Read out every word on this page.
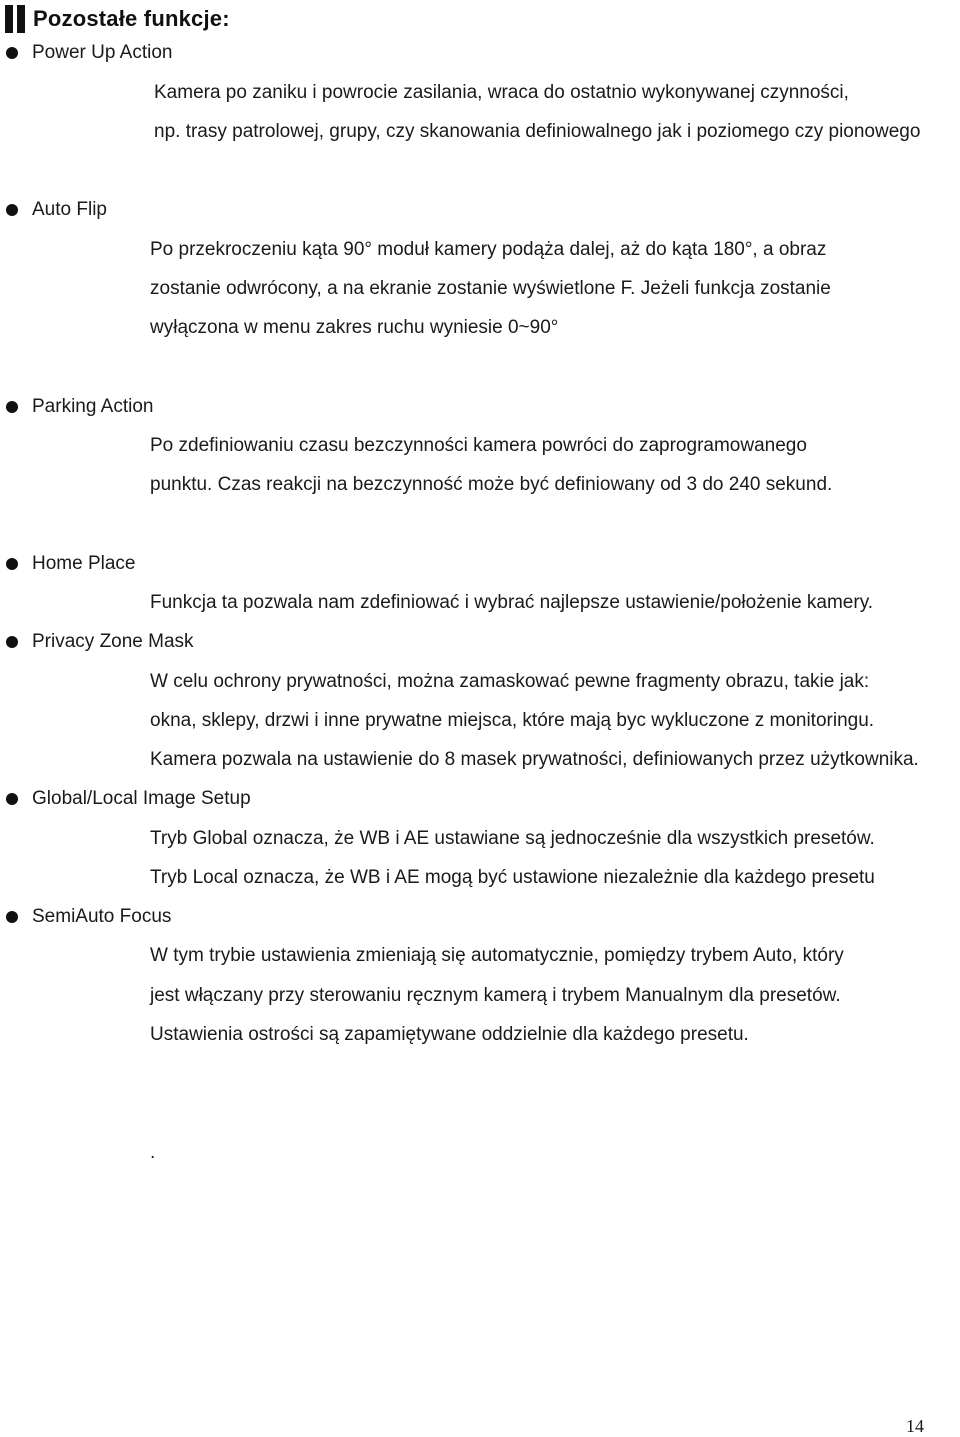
Pozostałe funkcje:
Power Up Action
Kamera po zaniku i powrocie zasilania, wraca do ostatnio wykonywanej czynności,
np. trasy patrolowej, grupy, czy skanowania definiowalnego jak i poziomego czy pionowego
Auto Flip
Po przekroczeniu kąta 90° moduł kamery podąża dalej, aż do kąta 180°, a obraz
zostanie odwrócony, a na ekranie zostanie wyświetlone F. Jeżeli funkcja zostanie
wyłączona w menu zakres ruchu wyniesie 0~90°
Parking Action
Po zdefiniowaniu czasu bezczynności kamera powróci do zaprogramowanego
punktu. Czas reakcji na bezczynność może być definiowany od 3 do 240 sekund.
Home Place
Funkcja ta pozwala nam zdefiniować i wybrać najlepsze ustawienie/położenie kamery.
Privacy Zone Mask
W celu ochrony prywatności, można zamaskować pewne fragmenty obrazu, takie jak:
okna, sklepy, drzwi i inne prywatne miejsca, które mają byc wykluczone z monitoringu.
Kamera pozwala na ustawienie do 8 masek prywatności, definiowanych przez użytkownika.
Global/Local Image Setup
Tryb Global oznacza, że WB i AE ustawiane są jednocześnie dla wszystkich presetów.
Tryb Local oznacza, że WB i AE mogą być ustawione niezależnie dla każdego presetu
SemiAuto Focus
W tym trybie ustawienia zmieniają się automatycznie, pomiędzy trybem Auto, który
jest włączany przy sterowaniu ręcznym kamerą i trybem Manualnym dla presetów.
Ustawienia ostrości są zapamiętywane oddzielnie dla każdego presetu.
.
14
